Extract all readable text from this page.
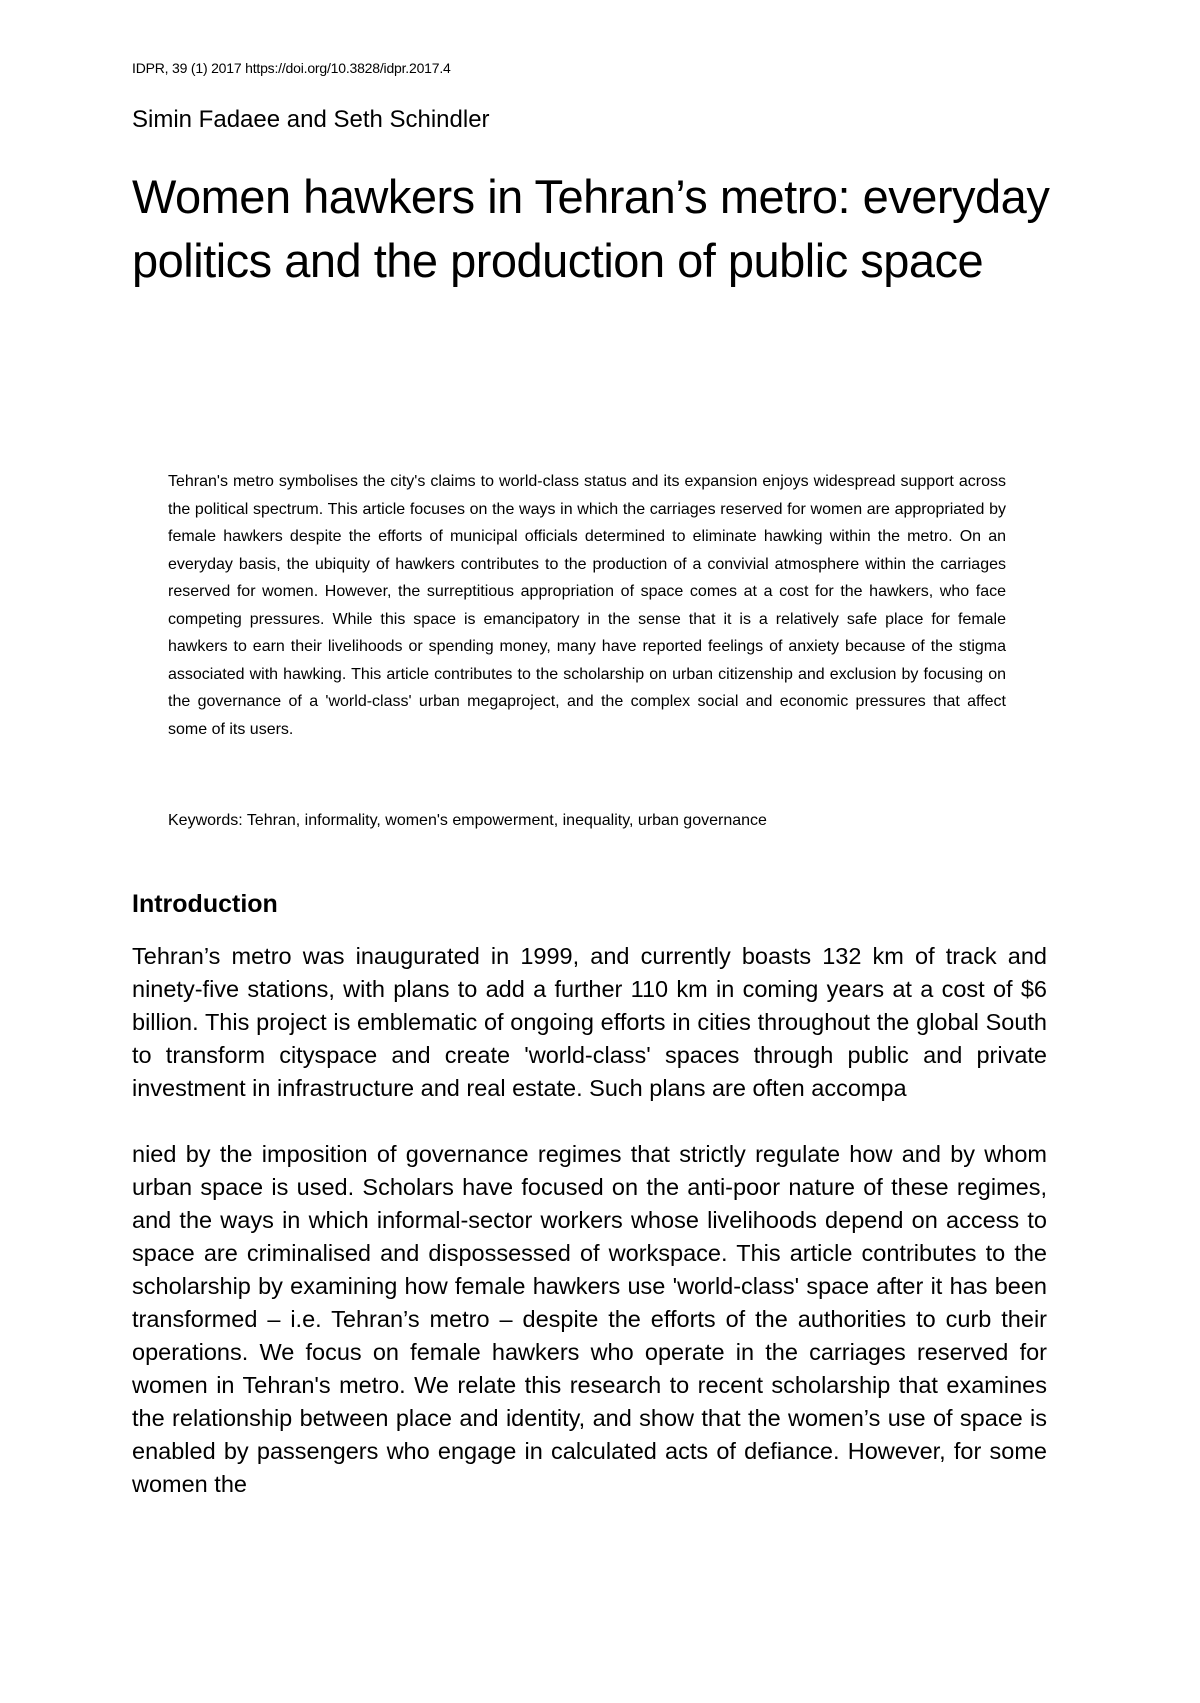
IDPR, 39 (1) 2017 https://doi.org/10.3828/idpr.2017.4
Simin Fadaee and Seth Schindler
Women hawkers in Tehran’s metro: everyday politics and the production of public space

Tehran's metro symbolises the city's claims to world-class status and its expansion enjoys widespread support across the political spectrum. This article focuses on the ways in which the carriages reserved for women are appropriated by female hawkers despite the efforts of municipal officials determined to eliminate hawking within the metro. On an everyday basis, the ubiquity of hawkers contributes to the production of a convivial atmosphere within the carriages reserved for women. However, the surreptitious appropriation of space comes at a cost for the hawkers, who face competing pressures. While this space is emancipatory in the sense that it is a relatively safe place for female hawkers to earn their livelihoods or spending money, many have reported feelings of anxiety because of the stigma associated with hawking. This article contributes to the scholarship on urban citizenship and exclusion by focusing on the governance of a 'world-class' urban megaproject, and the complex social and economic pressures that affect some of its users.

Keywords: Tehran, informality, women's empowerment, inequality, urban governance
Introduction

Tehran’s metro was inaugurated in 1999, and currently boasts 132 km of track and ninety-five stations, with plans to add a further 110 km in coming years at a cost of $6 billion. This project is emblematic of ongoing efforts in cities throughout the global South to transform cityspace and create 'world-class' spaces through public and private investment in infrastructure and real estate. Such plans are often accompa

nied by the imposition of governance regimes that strictly regulate how and by whom urban space is used. Scholars have focused on the anti-poor nature of these regimes, and the ways in which informal-sector workers whose livelihoods depend on access to space are criminalised and dispossessed of workspace. This article contributes to the scholarship by examining how female hawkers use 'world-class' space after it has been transformed – i.e. Tehran’s metro – despite the efforts of the authorities to curb their operations. We focus on female hawkers who operate in the carriages reserved for women in Tehran's metro. We relate this research to recent scholarship that examines the relationship between place and identity, and show that the women’s use of space is enabled by passengers who engage in calculated acts of defiance. However, for some women the
